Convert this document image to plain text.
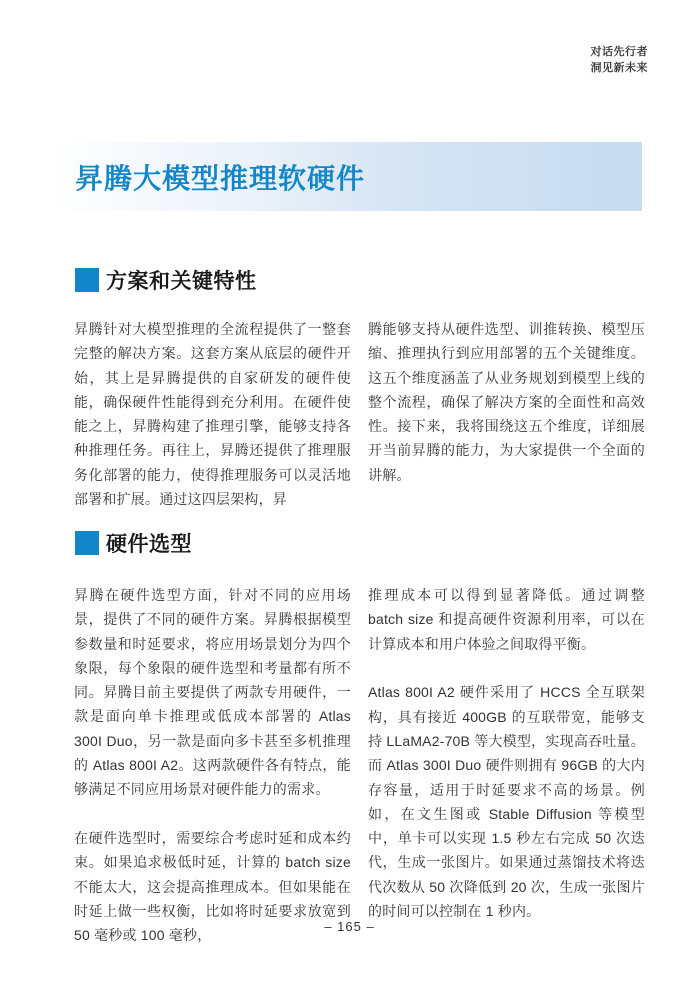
对话先行者
洞见新未来
昇腾大模型推理软硬件
方案和关键特性

昇腾针对大模型推理的全流程提供了一整套完整的解决方案。这套方案从底层的硬件开始，其上是昇腾提供的自家研发的硬件使能，确保硬件性能得到充分利用。在硬件使能之上，昇腾构建了推理引擎，能够支持各种推理任务。再往上，昇腾还提供了推理服务化部署的能力，使得推理服务可以灵活地部署和扩展。通过这四层架构，昇

腾能够支持从硬件选型、训推转换、模型压缩、推理执行到应用部署的五个关键维度。这五个维度涵盖了从业务规划到模型上线的整个流程，确保了解决方案的全面性和高效性。接下来，我将围绕这五个维度，详细展开当前昇腾的能力，为大家提供一个全面的讲解。

硬件选型

昇腾在硬件选型方面，针对不同的应用场景，提供了不同的硬件方案。昇腾根据模型参数量和时延要求，将应用场景划分为四个象限，每个象限的硬件选型和考量都有所不同。昇腾目前主要提供了两款专用硬件，一款是面向单卡推理或低成本部署的 Atlas 300I Duo，另一款是面向多卡甚至多机推理的 Atlas 800I A2。这两款硬件各有特点，能够满足不同应用场景对硬件能力的需求。

在硬件选型时，需要综合考虑时延和成本约束。如果追求极低时延，计算的 batch size 不能太大，这会提高推理成本。但如果能在时延上做一些权衡，比如将时延要求放宽到 50 毫秒或 100 毫秒，

推理成本可以得到显著降低。通过调整 batch size 和提高硬件资源利用率，可以在计算成本和用户体验之间取得平衡。

Atlas 800I A2 硬件采用了 HCCS 全互联架构，具有接近 400GB 的互联带宽，能够支持 LLaMA2-70B 等大模型，实现高吞吐量。而 Atlas 300I Duo 硬件则拥有 96GB 的大内存容量，适用于时延要求不高的场景。例如，在文生图或 Stable Diffusion 等模型中，单卡可以实现 1.5 秒左右完成 50 次迭代，生成一张图片。如果通过蒸馏技术将迭代次数从 50 次降低到 20 次，生成一张图片的时间可以控制在 1 秒内。

– 165 –
